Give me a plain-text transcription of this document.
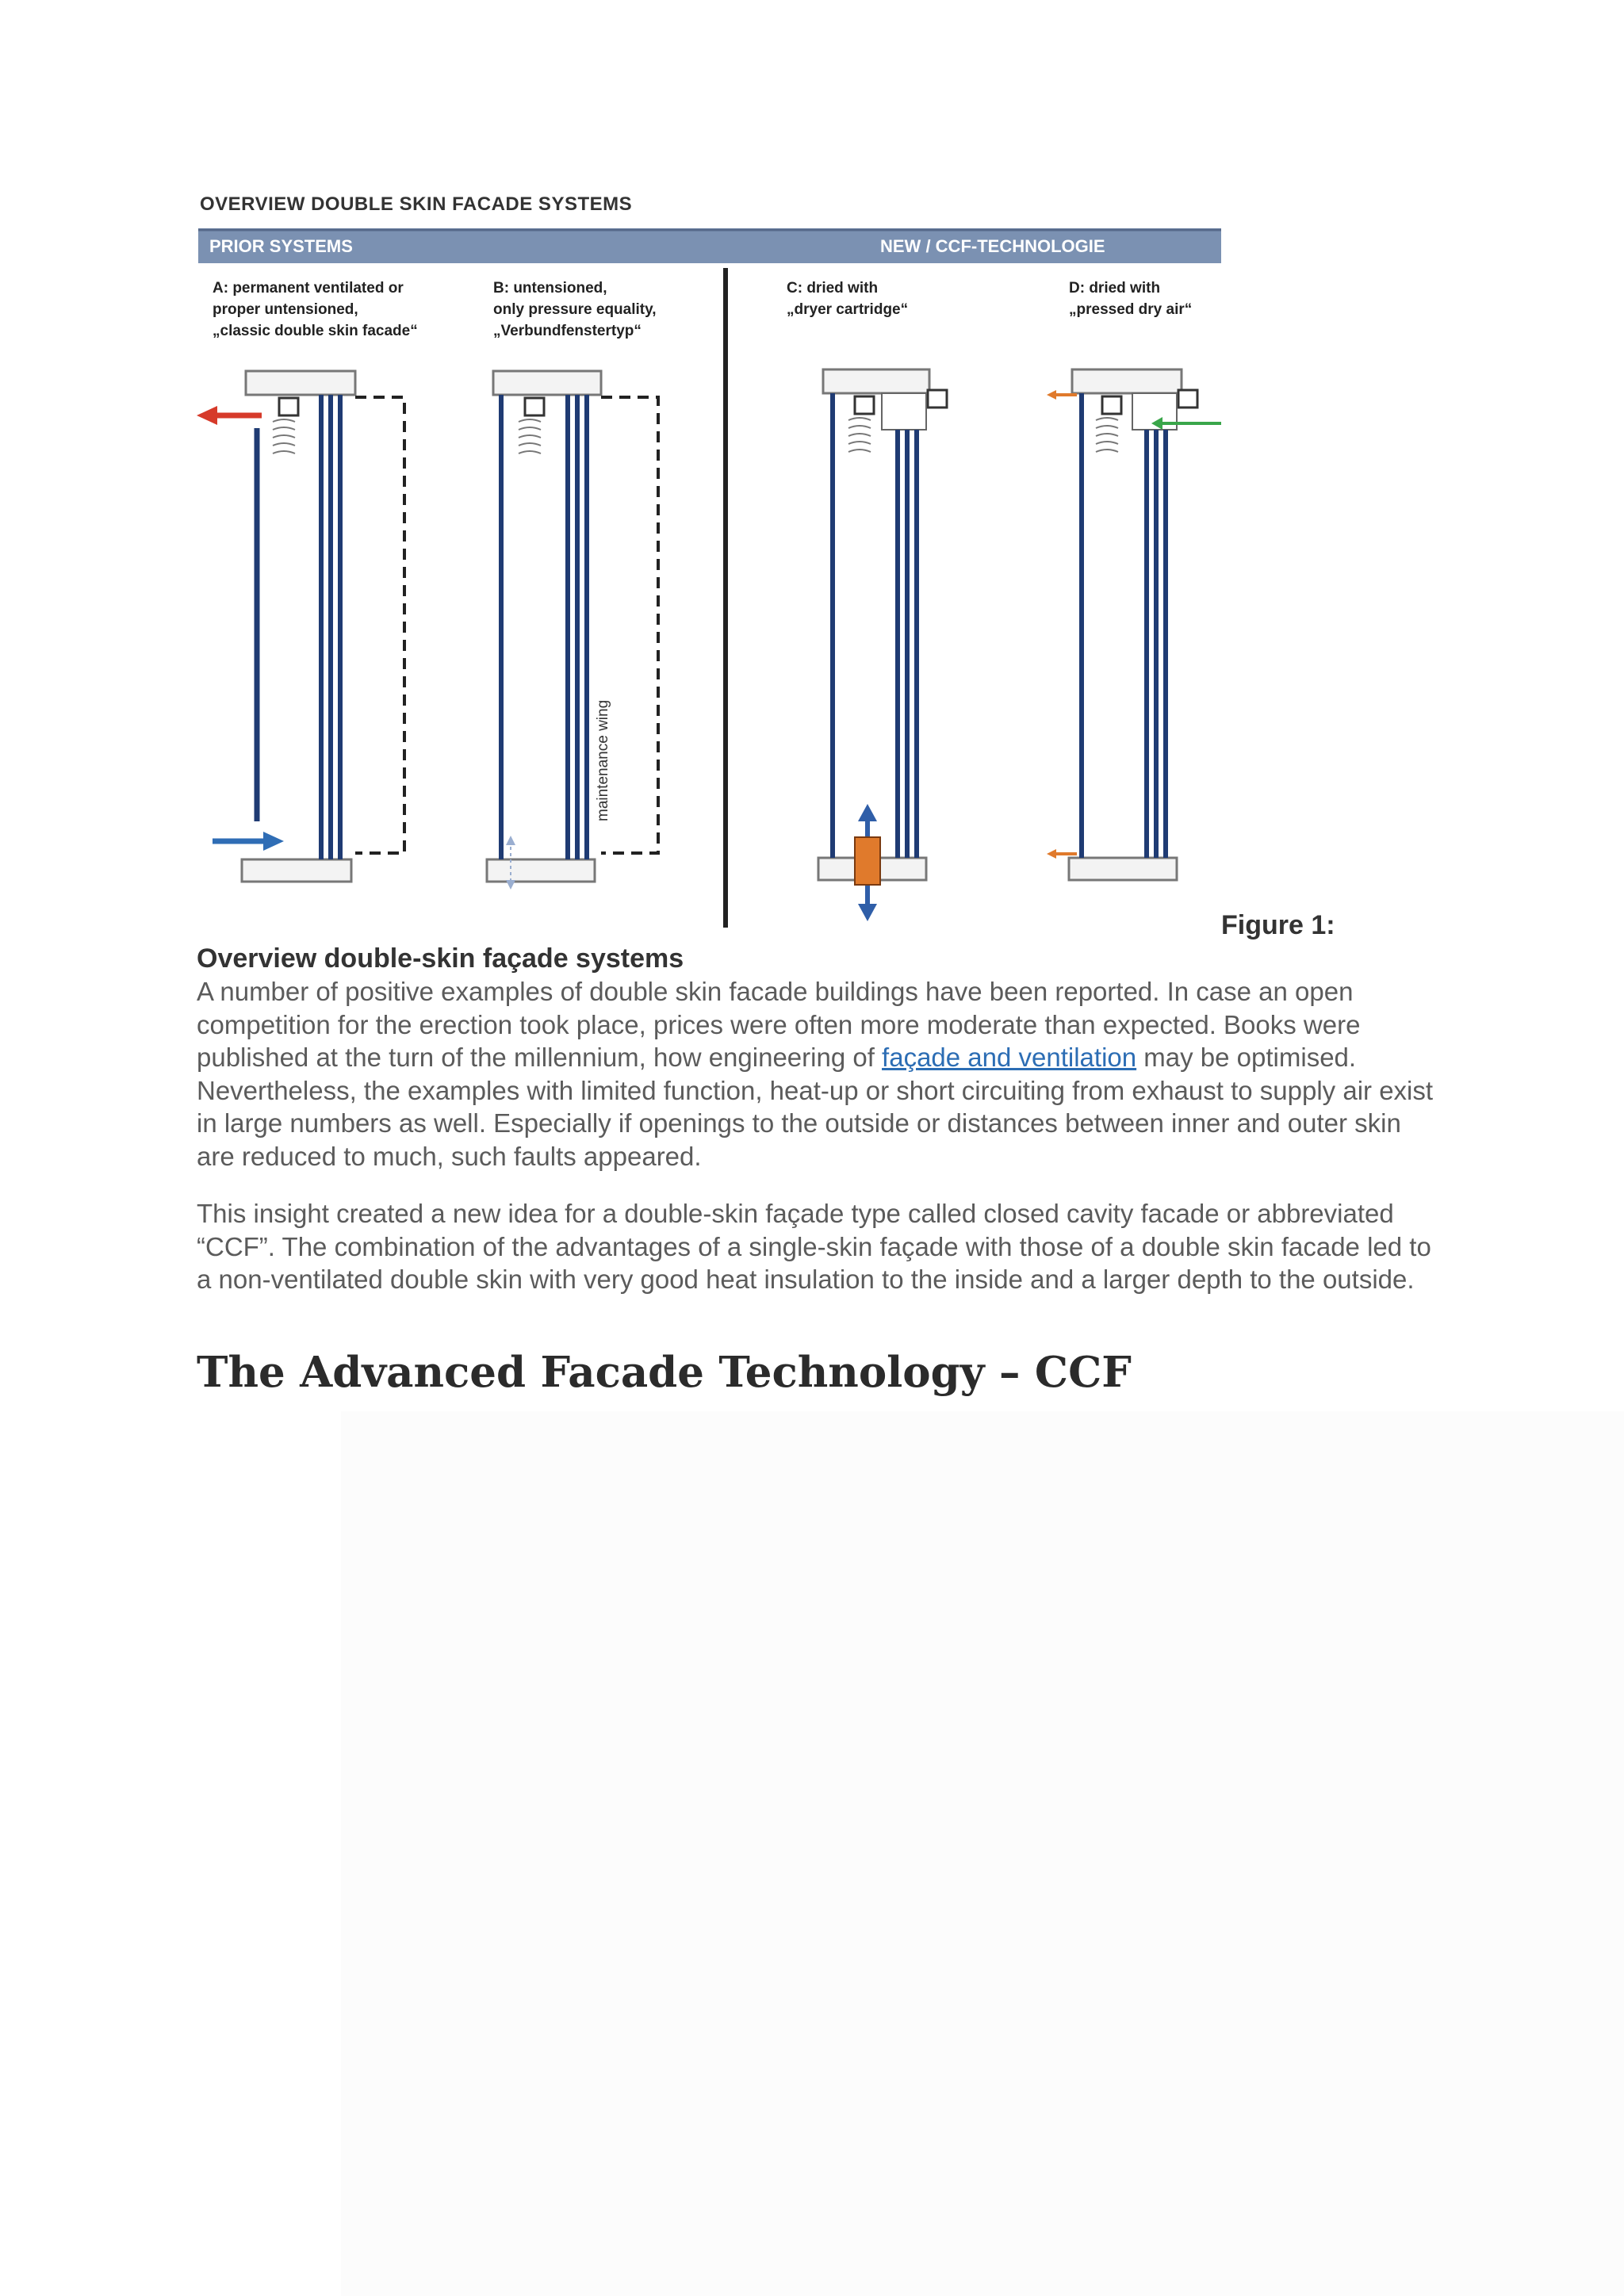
OVERVIEW DOUBLE SKIN FACADE SYSTEMS
PRIOR SYSTEMS	NEW / CCF-TECHNOLOGIE
A: permanent ventilated or
proper untensioned,
„classic double skin facade“
B: untensioned,
only pressure equality,
„Verbundfenstertyp“
C: dried with
„dryer cartridge“
D: dried with
„pressed dry air“
maintenance wing
Figure 1:
Overview double-skin façade systems

A number of positive examples of double skin facade buildings have been reported. In case an open competition for the erection took place, prices were often more moderate than expected. Books were published at the turn of the millennium, how engineering of façade and ventilation may be optimised. Nevertheless, the examples with limited function, heat-up or short circuiting from exhaust to supply air exist in large numbers as well. Especially if openings to the outside or distances between inner and outer skin are reduced to much, such faults appeared.

This insight created a new idea for a double-skin façade type called closed cavity facade or abbreviated “CCF”. The combination of the advantages of a single-skin façade with those of a double skin facade led to a non-ventilated double skin with very good heat insulation to the inside and a larger depth to the outside.

The Advanced Facade Technology – CCF
